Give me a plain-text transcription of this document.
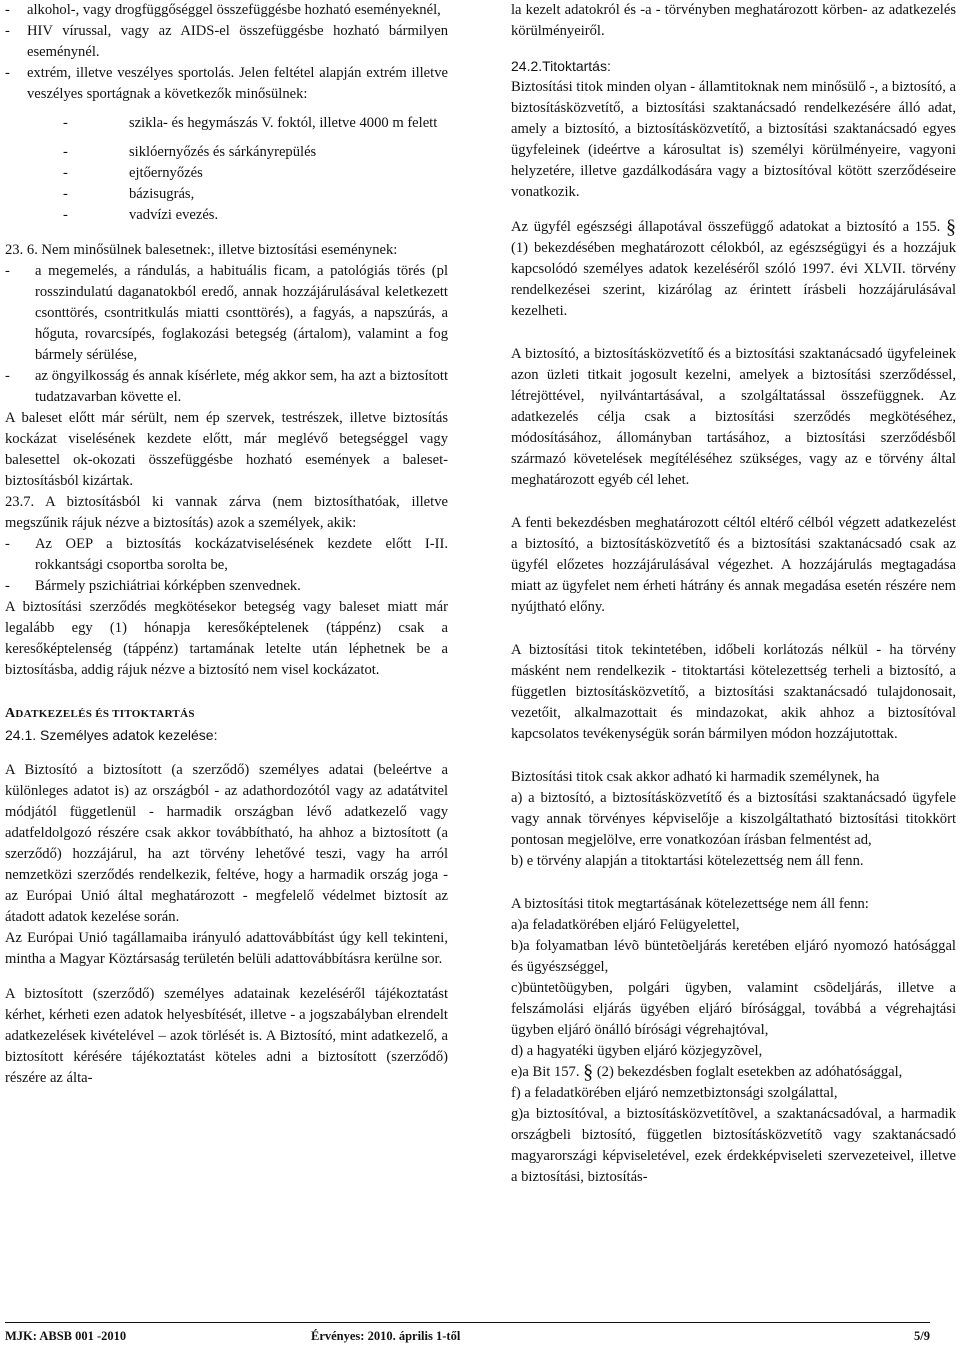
-	alkohol-, vagy drogfüggőséggel összefüggésbe hozható eseményeknél,
-	HIV vírussal, vagy az AIDS-el összefüggésbe hozható bármilyen eseménynél.
-	extrém, illetve veszélyes sportolás. Jelen feltétel alapján extrém illetve veszélyes sportágnak a következők minősülnek:
-	szikla- és hegymászás V. foktól, illetve 4000 m felett
-	siklóernyőzés és sárkányrepülés
-	ejtőernyőzés
-	bázisugrás,
-	vadvízi evezés.

23. 6. Nem minősülnek balesetnek:, illetve biztosítási eseménynek:

-	a megemelés, a rándulás, a habituális ficam, a patológiás törés (pl rosszindulatú daganatokból eredő, annak hozzájárulásával keletkezett csonttörés, csontritkulás miatti csonttörés), a fagyás, a napszúrás, a hőguta, rovarcsípés, foglakozási betegség (ártalom), valamint a fog bármely sérülése,
-	az öngyilkosság és annak kísérlete, még akkor sem, ha azt a biztosított tudatzavarban követte el.

A baleset előtt már sérült, nem ép szervek, testrészek, illetve biztosítás kockázat viselésének kezdete előtt, már meglévő betegséggel vagy balesettel ok-okozati összefüggésbe hozható események a baleset-biztosításból kizártak.

23.7. A biztosításból ki vannak zárva (nem biztosíthatóak, illetve megszűnik rájuk nézve a biztosítás) azok a személyek, akik:

-	Az OEP a biztosítás kockázatviselésének kezdete előtt I-II. rokkantsági csoportba sorolta be,
-	Bármely pszichiátriai kórképben szenvednek.

A biztosítási szerződés megkötésekor betegség vagy baleset miatt már legalább egy (1) hónapja keresőképtelenek (táppénz) csak a keresőképtelenség (táppénz) tartamának letelte után léphetnek be a biztosításba, addig rájuk nézve a biztosító nem visel kockázatot.

ADATKEZELÉS ÉS TITOKTARTÁS

24.1. Személyes adatok kezelése:

A Biztosító a biztosított (a szerződő) személyes adatai (beleértve a különleges adatot is) az országból - az adathordozótól vagy az adatátvitel módjától függetlenül - harmadik országban lévő adatkezelő vagy adatfeldolgozó részére csak akkor továbbítható, ha ahhoz a biztosított (a szerződő) hozzájárul, ha azt törvény lehetővé teszi, vagy ha arról nemzetközi szerződés rendelkezik, feltéve, hogy a harmadik ország joga - az Európai Unió által meghatározott - megfelelő védelmet biztosít az átadott adatok kezelése során.

Az Európai Unió tagállamaiba irányuló adattovábbítást úgy kell tekinteni, mintha a Magyar Köztársaság területén belüli adattovábbításra kerülne sor.

A biztosított (szerződő) személyes adatainak kezeléséről tájékoztatást kérhet, kérheti ezen adatok helyesbítését, illetve - a jogszabályban elrendelt adatkezelések kivételével – azok törlését is. A Biztosító, mint adatkezelő, a biztosított kérésére tájékoztatást köteles adni a biztosított (szerződő) részére az álta-

la kezelt adatokról és -a - törvényben meghatározott körben- az adatkezelés körülményeiről.

24.2.Titoktartás:

Biztosítási titok minden olyan - államtitoknak nem minősülő -, a biztosító, a biztosításközvetítő, a biztosítási szaktanácsadó rendelkezésére álló adat, amely a biztosító, a biztosításközvetítő, a biztosítási szaktanácsadó egyes ügyfeleinek (ideértve a károsultat is) személyi körülményeire, vagyoni helyzetére, illetve gazdálkodására vagy a biztosítóval kötött szerződéseire vonatkozik.

Az ügyfél egészségi állapotával összefüggő adatokat a biztosító a 155. § (1) bekezdésében meghatározott célokból, az egészségügyi és a hozzájuk kapcsolódó személyes adatok kezeléséről szóló 1997. évi XLVII. törvény rendelkezései szerint, kizárólag az érintett írásbeli hozzájárulásával kezelheti.

A biztosító, a biztosításközvetítő és a biztosítási szaktanácsadó ügyfeleinek azon üzleti titkait jogosult kezelni, amelyek a biztosítási szerződéssel, létrejöttével, nyilvántartásával, a szolgáltatással összefüggnek. Az adatkezelés célja csak a biztosítási szerződés megkötéséhez, módosításához, állományban tartásához, a biztosítási szerződésből származó követelések megítéléséhez szükséges, vagy az e törvény által meghatározott egyéb cél lehet.

A fenti bekezdésben meghatározott céltól eltérő célból végzett adatkezelést a biztosító, a biztosításközvetítő és a biztosítási szaktanácsadó csak az ügyfél előzetes hozzájárulásával végezhet. A hozzájárulás megtagadása miatt az ügyfelet nem érheti hátrány és annak megadása esetén részére nem nyújtható előny.

A biztosítási titok tekintetében, időbeli korlátozás nélkül - ha törvény másként nem rendelkezik - titoktartási kötelezettség terheli a biztosító, a független biztosításközvetítő, a biztosítási szaktanácsadó tulajdonosait, vezetőit, alkalmazottait és mindazokat, akik ahhoz a biztosítóval kapcsolatos tevékenységük során bármilyen módon hozzájutottak.

Biztosítási titok csak akkor adható ki harmadik személynek, ha

a) a biztosító, a biztosításközvetítő és a biztosítási szaktanácsadó ügyfele vagy annak törvényes képviselője a kiszolgáltatható biztosítási titokkört pontosan megjelölve, erre vonatkozóan írásban felmentést ad,

b) e törvény alapján a titoktartási kötelezettség nem áll fenn.

A biztosítási titok megtartásának kötelezettsége nem áll fenn:

a)a feladatkörében eljáró Felügyelettel,

b)a folyamatban lévõ büntetõeljárás keretében eljáró nyomozó hatósággal és ügyészséggel,

c)büntetõügyben, polgári ügyben, valamint csõdeljárás, illetve a felszámolási eljárás ügyében eljáró bírósággal, továbbá a végrehajtási ügyben eljáró önálló bírósági végrehajtóval,

d) a hagyatéki ügyben eljáró közjegyzõvel,

e)a Bit 157. § (2) bekezdésben foglalt esetekben az adóhatósággal,

f) a feladatkörében eljáró nemzetbiztonsági szolgálattal,

g)a biztosítóval, a biztosításközvetítõvel, a szaktanácsadóval, a harmadik országbeli biztosító, független biztosításközvetítõ vagy szaktanácsadó magyarországi képviseletével, ezek érdekképviseleti szervezeteivel, illetve a biztosítási, biztosítás-

MJK: ABSB 001 -2010	Érvényes: 2010. április 1-től	5/9
